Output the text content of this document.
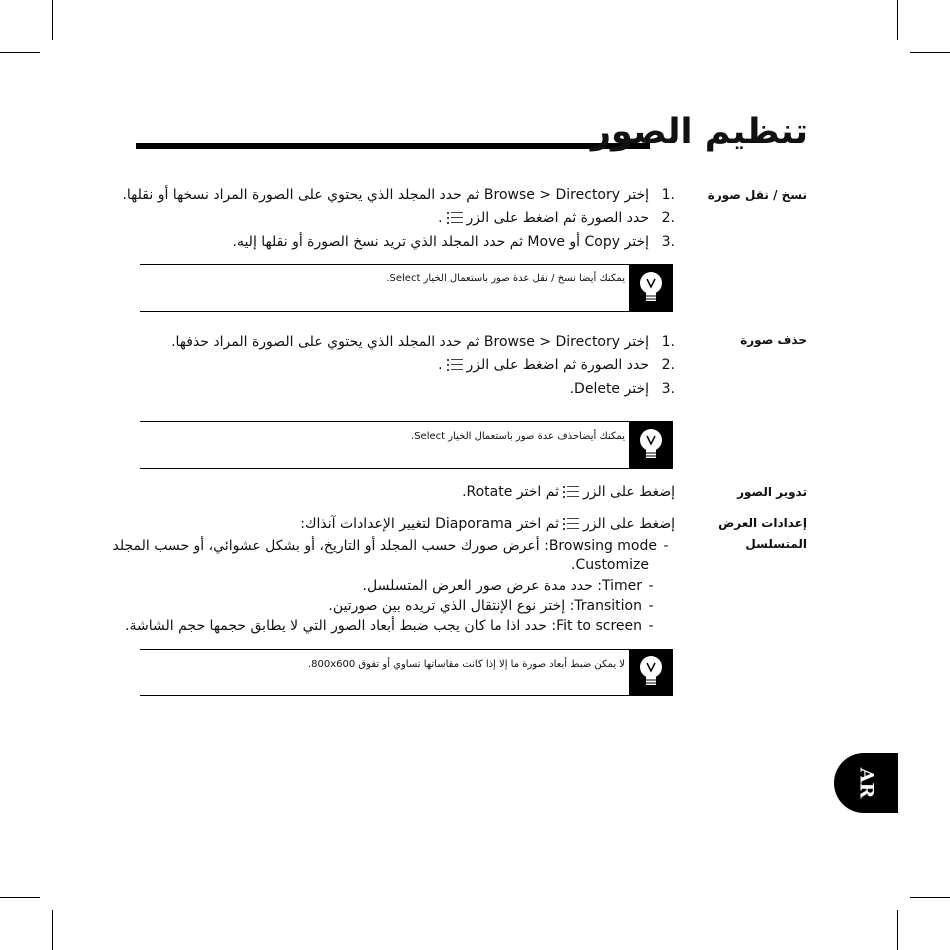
تنظيم الصور
نسخ / نقل صورة
.1إختر Browse > Directory ثم حدد المجلد الذي يحتوي على الصورة المراد نسخها أو نقلها.
.2حدد الصورة ثم اضغط على الزر.
.3إختر Copy أو Move ثم حدد المجلد الذي تريد نسخ الصورة أو نقلها إليه.
يمكنك أيضا نسخ / نقل عدة صور باستعمال الخيار Select.
حذف صورة
.1إختر Browse > Directory ثم حدد المجلد الذي يحتوي على الصورة المراد حذفها.
.2حدد الصورة ثم اضغط على الزر.
.3إختر Delete.
يمكنك أيضاحذف عدة صور باستعمال الخيار Select.
تدوير الصور
إضغط على الزرثم اختر Rotate.
إعدادات العرض
المتسلسل
إضغط على الزرثم اختر Diaporama لتغيير الإعدادات آنذاك:
-Browsing mode: أعرض صورك حسب المجلد أو التاريخ، أو بشكل عشوائي، أو حسب المجلد
Customize.
-Timer: حدد مدة عرض صور العرض المتسلسل.
-Transition: إختر نوع الإنتقال الذي تريده بين صورتين.
-Fit to screen: حدد اذا ما كان يجب ضبط أبعاد الصور التي لا يطابق حجمها حجم الشاشة.
لا يمكن ضبط أبعاد صورة ما إلا إذا كانت مقاساتها تساوي أو تفوق 800x600.
AR
